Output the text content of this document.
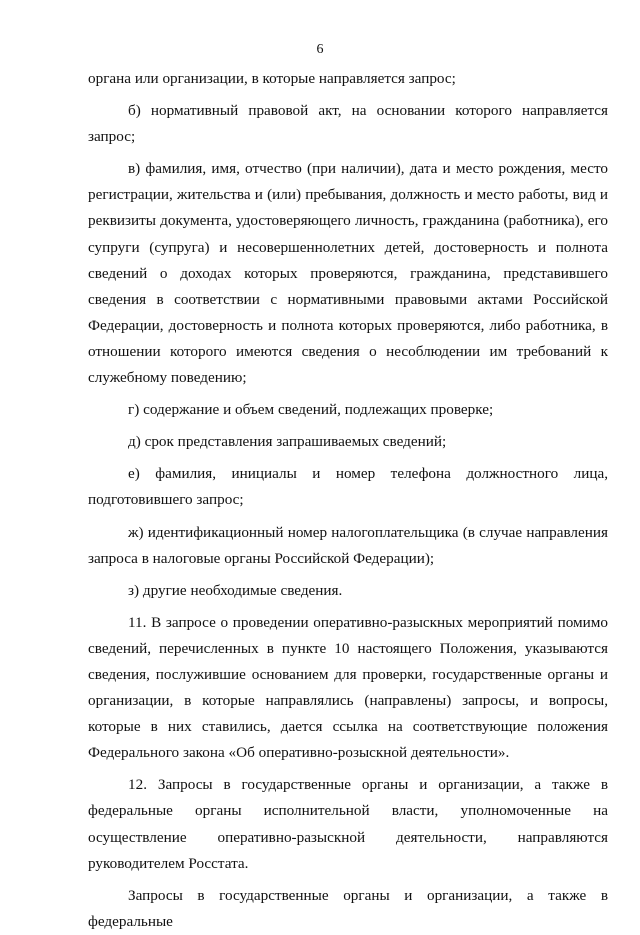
6

органа или организации, в которые направляется запрос;

б) нормативный правовой акт, на основании которого направляется запрос;

в) фамилия, имя, отчество (при наличии), дата и место рождения, место регистрации, жительства и (или) пребывания, должность и место работы, вид и реквизиты документа, удостоверяющего личность, гражданина (работника), его супруги (супруга) и несовершеннолетних детей, достоверность и полнота сведений о доходах которых проверяются, гражданина, представившего сведения в соответствии с нормативными правовыми актами Российской Федерации, достоверность и полнота которых проверяются, либо работника, в отношении которого имеются сведения о несоблюдении им требований к служебному поведению;

г) содержание и объем сведений, подлежащих проверке;

д) срок представления запрашиваемых сведений;

е) фамилия, инициалы и номер телефона должностного лица, подготовившего запрос;

ж) идентификационный номер налогоплательщика (в случае направления запроса в налоговые органы Российской Федерации);

з) другие необходимые сведения.

11. В запросе о проведении оперативно-разыскных мероприятий помимо сведений, перечисленных в пункте 10 настоящего Положения, указываются сведения, послужившие основанием для проверки, государственные органы и организации, в которые направлялись (направлены) запросы, и вопросы, которые в них ставились, дается ссылка на соответствующие положения Федерального закона «Об оперативно-розыскной деятельности».

12. Запросы в государственные органы и организации, а также в федеральные органы исполнительной власти, уполномоченные на осуществление оперативно-разыскной деятельности, направляются руководителем Росстата.

Запросы в государственные органы и организации, а также в федеральные
